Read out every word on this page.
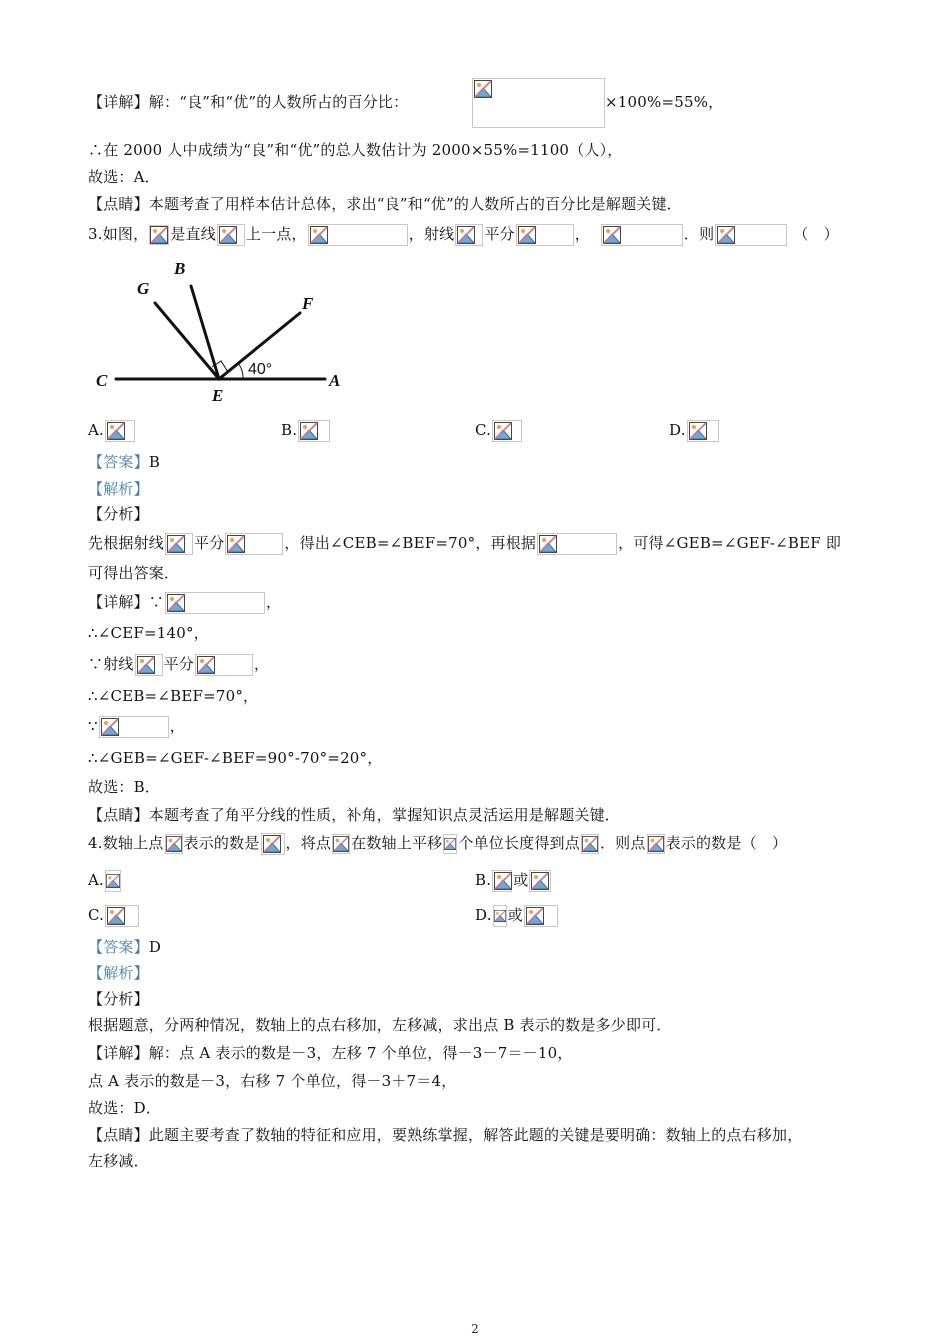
【详解】解：“良”和“优”的人数所占的百分比：	×100%=55%，
∴在 2000 人中成绩为“良”和“优”的总人数估计为 2000×55%=1100（人），
故选：A．
【点睛】本题考查了用样本估计总体，求出“良”和“优”的人数所占的百分比是解题关键．
3.如图， 是直线 上一点，	，射线 平分	，	．则	（　）
G
B
F
C
E
A
40°
A.	B.	C.	D.
【答案】B
【解析】
【分析】
先根据射线 平分	，得出∠CEB=∠BEF=70°，再根据	，可得∠GEB=∠GEF-∠BEF 即
可得出答案．
【详解】∵	，
∴∠CEF=140°，
∵射线 平分	，
∴∠CEB=∠BEF=70°，
∵	，
∴∠GEB=∠GEF-∠BEF=90°-70°=20°，
故选：B．
【点睛】本题考查了角平分线的性质，补角，掌握知识点灵活运用是解题关键．
4.数轴上点 表示的数是 ，将点 在数轴上平移 个单位长度得到点 ．则点 表示的数是（　）
A.	B. 或
C.	D. 或
【答案】D
【解析】
【分析】
根据题意，分两种情况，数轴上的点右移加，左移减，求出点 B 表示的数是多少即可．
【详解】解：点 A 表示的数是－3，左移 7 个单位，得－3－7＝－10，
点 A 表示的数是－3，右移 7 个单位，得－3＋7＝4，
故选：D．
【点睛】此题主要考查了数轴的特征和应用，要熟练掌握，解答此题的关键是要明确：数轴上的点右移加，
左移减．
2
